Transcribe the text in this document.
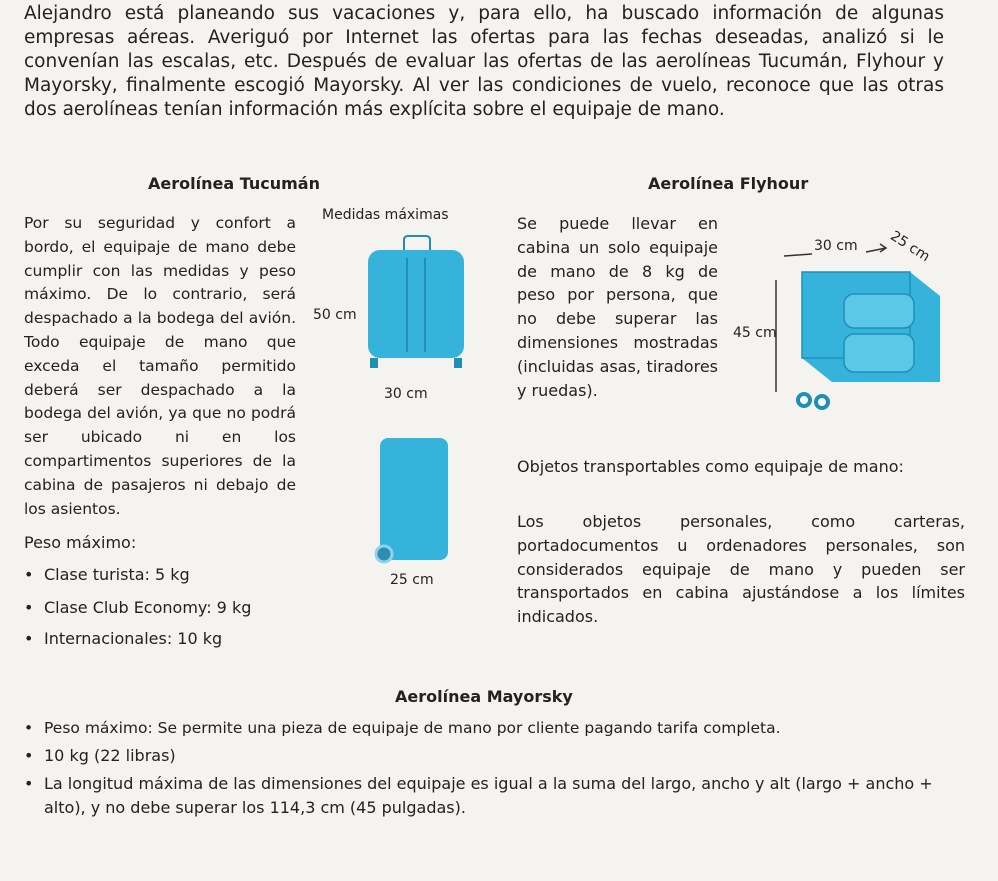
Alejandro está planeando sus vacaciones y, para ello, ha buscado información de algunas empresas aéreas. Averiguó por Internet las ofertas para las fechas deseadas, analizó si le convenían las escalas, etc. Después de evaluar las ofertas de las aerolíneas Tucumán, Flyhour y Mayorsky, finalmente escogió Mayorsky. Al ver las condiciones de vuelo, reconoce que las otras dos aerolíneas tenían información más explícita sobre el equipaje de mano.
Aerolínea Tucumán
Por su seguridad y confort a bordo, el equipaje de mano debe cumplir con las medidas y peso máximo. De lo contrario, será despachado a la bodega del avión. Todo equipaje de mano que exceda el tamaño permitido deberá ser despachado a la bodega del avión, ya que no podrá ser ubicado ni en los compartimentos superiores de la cabina de pasajeros ni debajo de los asientos.
Peso máximo:
• Clase turista: 5 kg
• Clase Club Economy: 9 kg
• Internacionales: 10 kg
Medidas máximas
50 cm
30 cm
25 cm
Aerolínea Flyhour
Se puede llevar en cabina un solo equipaje de mano de 8 kg de peso por persona, que no debe superar las dimensiones mostradas (incluidas asas, tiradores y ruedas).
Objetos transportables como equipaje de mano:
Los objetos personales, como carteras, portadocumentos u ordenadores personales, son considerados equipaje de mano y pueden ser transportados en cabina ajustándose a los límites indicados.
30 cm 25 cm
45 cm
Aerolínea Mayorsky
• Peso máximo: Se permite una pieza de equipaje de mano por cliente pagando tarifa completa.
• 10 kg (22 libras)
• La longitud máxima de las dimensiones del equipaje es igual a la suma del largo, ancho y alt (largo + ancho + alto), y no debe superar los 114,3 cm (45 pulgadas).
